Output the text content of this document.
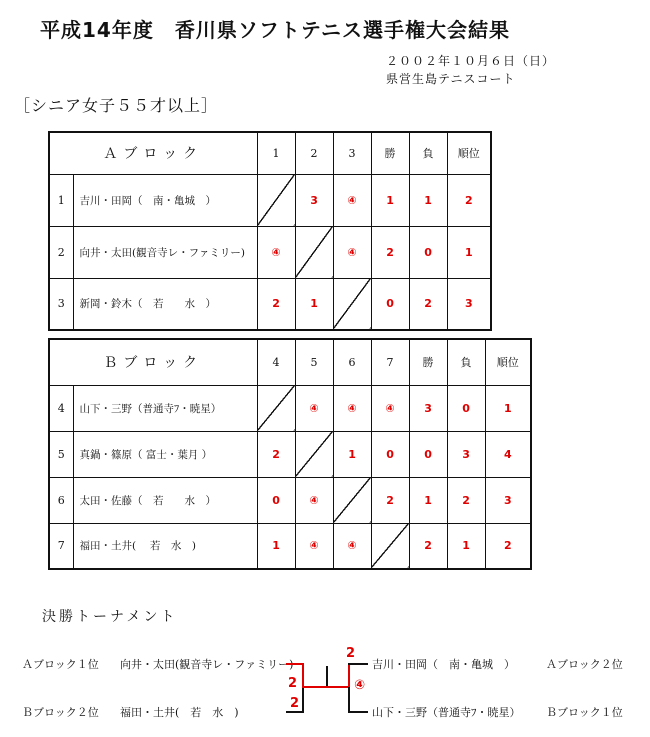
平成14年度　香川県ソフトテニス選手権大会結果
２００２年１０月６日（日）
県営生島テニスコート
［シニア女子５５才以上］
Ａブロック		1	2	3	勝	負	順位
1	吉川・田岡（　南・亀城　）		3	④	1	1	2
2	向井・太田(観音寺レ・ファミリー)	④		④	2	0	1
3	新岡・鈴木（　若　　水　）	2	1		0	2	3
Ｂブロック		4	5	6	7	勝	負	順位
4	山下・三野（普通寺ﾌ・暁星）		④	④	④	3	0	1
5	真鍋・篠原（ 富士・葉月 ）	2		1	0	0	3	4
6	太田・佐藤（　若　　水　）	0	④		2	1	2	3
7	福田・土井(　 若　水　)	1	④	④		2	1	2
決勝トーナメント
Ａブロック１位 向井・太田(観音寺レ・ファミリー)
Ｂブロック２位 福田・土井(　若　水　)
吉川・田岡（　南・亀城　）	Ａブロック２位
山下・三野（普通寺ﾌ・暁星） Ｂブロック１位
2
2
2
④
